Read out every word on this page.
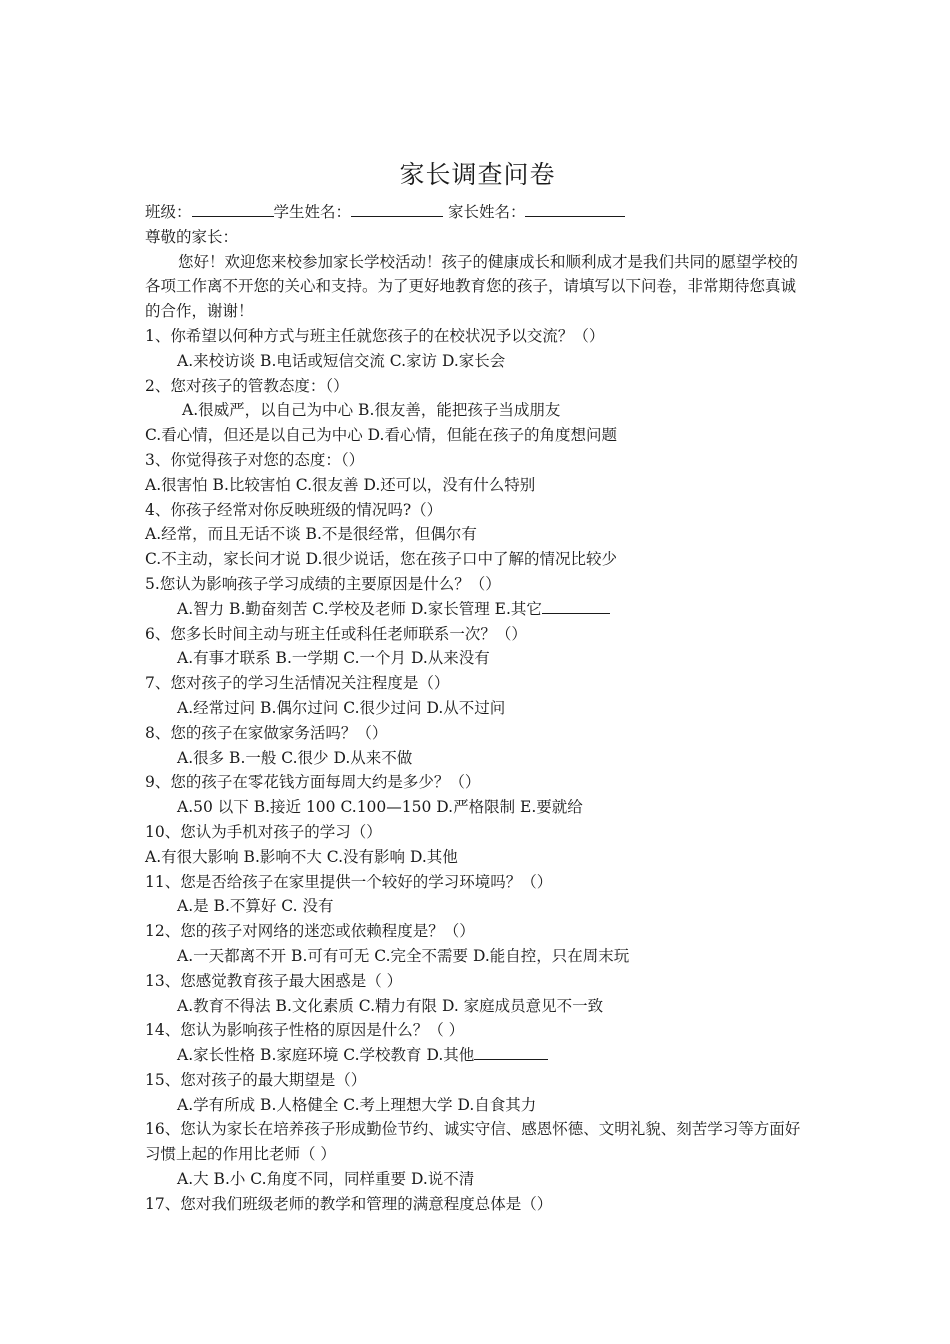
家长调查问卷

班级：	学生姓名：	家长姓名：

尊敬的家长：

您好！欢迎您来校参加家长学校活动！孩子的健康成长和顺利成才是我们共同的愿望学校的各项工作离不开您的关心和支持。为了更好地教育您的孩子，请填写以下问卷，非常期待您真诚的合作，谢谢！

1、你希望以何种方式与班主任就您孩子的在校状况予以交流？（）

A.来校访谈 B.电话或短信交流 C.家访 D.家长会

2、您对孩子的管教态度：（）

A.很威严，以自己为中心 B.很友善，能把孩子当成朋友

C.看心情，但还是以自己为中心 D.看心情，但能在孩子的角度想问题

3、你觉得孩子对您的态度：（）

A.很害怕 B.比较害怕 C.很友善 D.还可以，没有什么特别

4、你孩子经常对你反映班级的情况吗?（）

A.经常，而且无话不谈 B.不是很经常，但偶尔有

C.不主动，家长问才说 D.很少说话，您在孩子口中了解的情况比较少

5.您认为影响孩子学习成绩的主要原因是什么？（）

A.智力 B.勤奋刻苦 C.学校及老师 D.家长管理 E.其它

6、您多长时间主动与班主任或科任老师联系一次？（）

A.有事才联系 B.一学期 C.一个月 D.从来没有

7、您对孩子的学习生活情况关注程度是（）

A.经常过问 B.偶尔过问 C.很少过问 D.从不过问

8、您的孩子在家做家务活吗？（）

A.很多 B.一般 C.很少 D.从来不做

9、您的孩子在零花钱方面每周大约是多少？（）

A.50 以下 B.接近 100 C.100—150 D.严格限制 E.要就给

10、您认为手机对孩子的学习（）

A.有很大影响 B.影响不大 C.没有影响 D.其他

11、您是否给孩子在家里提供一个较好的学习环境吗？（）

A.是 B.不算好 C. 没有

12、您的孩子对网络的迷恋或依赖程度是？（）

A.一天都离不开 B.可有可无 C.完全不需要 D.能自控，只在周末玩

13、您感觉教育孩子最大困惑是（ ）

A.教育不得法 B.文化素质 C.精力有限 D. 家庭成员意见不一致

14、您认为影响孩子性格的原因是什么？（ ）

A.家长性格 B.家庭环境 C.学校教育 D.其他

15、您对孩子的最大期望是（）

A.学有所成 B.人格健全 C.考上理想大学 D.自食其力

16、您认为家长在培养孩子形成勤俭节约、诚实守信、感恩怀德、文明礼貌、刻苦学习等方面好习惯上起的作用比老师（ ）

A.大 B.小 C.角度不同，同样重要 D.说不清

17、您对我们班级老师的教学和管理的满意程度总体是（）
